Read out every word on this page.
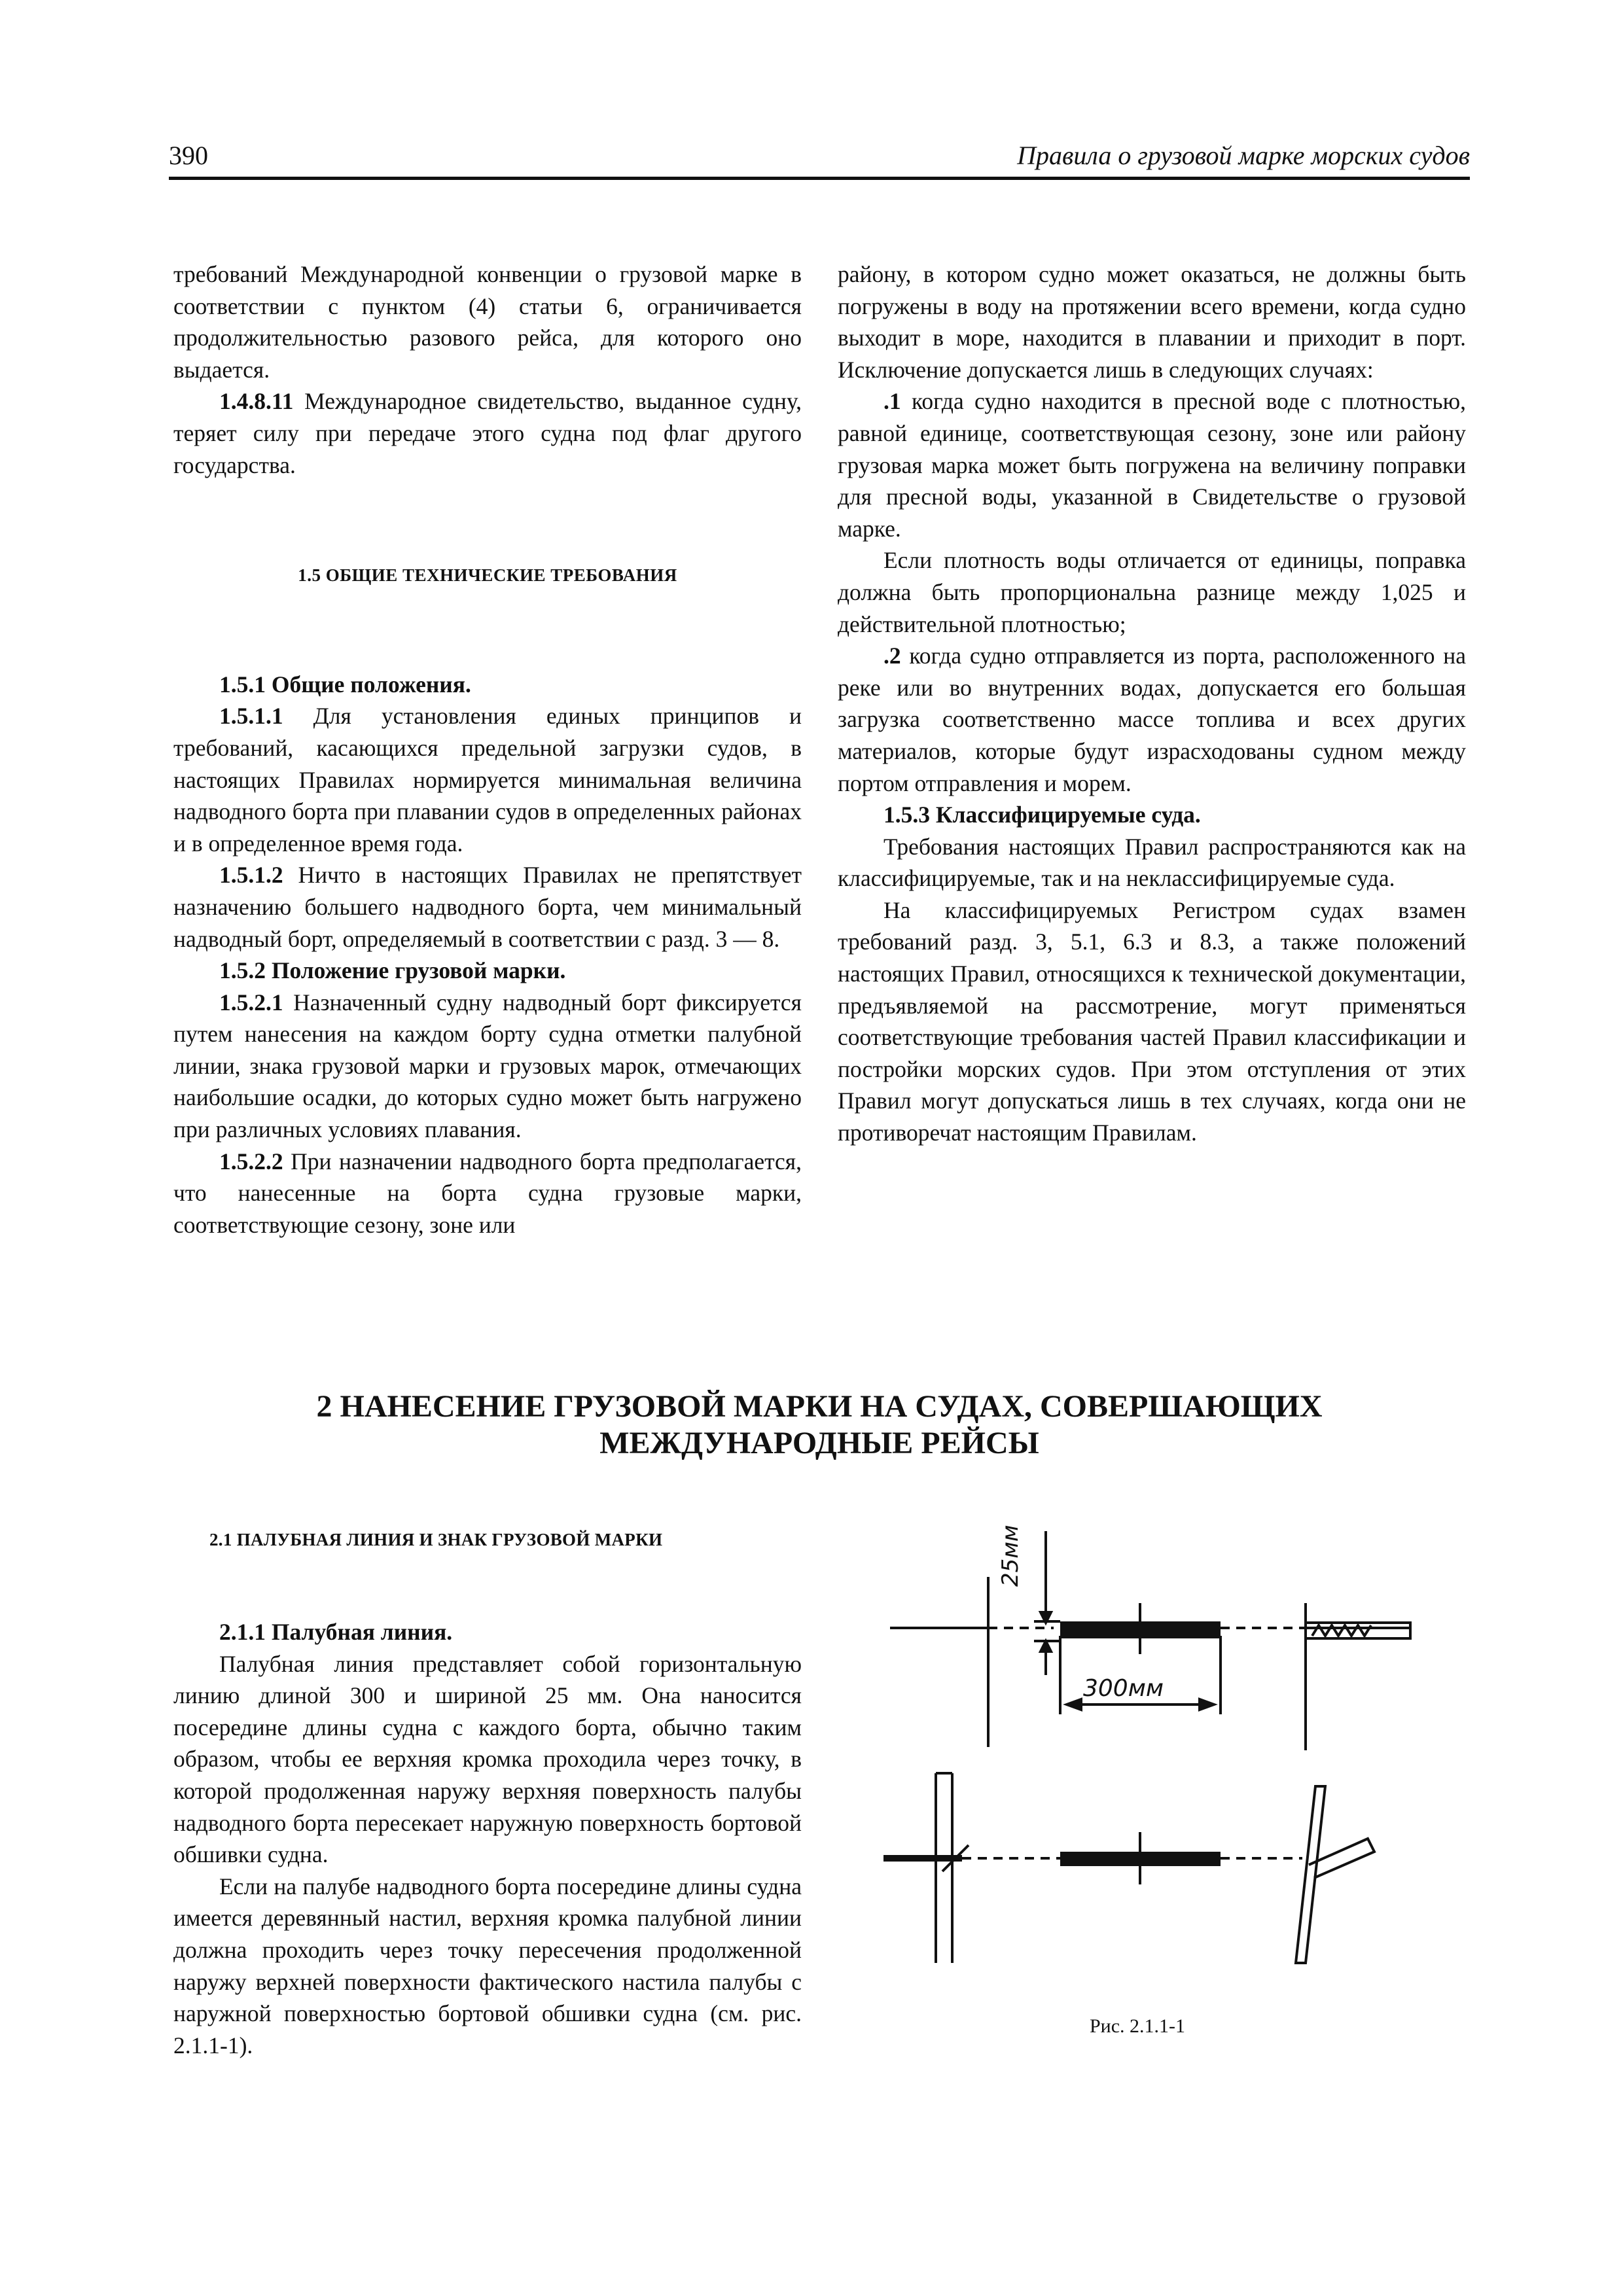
390	Правила о грузовой марке морских судов

требований Международной конвенции о грузовой марке в соответствии с пунктом (4) статьи 6, ограничивается продолжительностью разового рейса, для которого оно выдается.

1.4.8.11 Международное свидетельство, выданное судну, теряет силу при передаче этого судна под флаг другого государства.

1.5 ОБЩИЕ ТЕХНИЧЕСКИЕ ТРЕБОВАНИЯ

1.5.1 Общие положения.

1.5.1.1 Для установления единых принципов и требований, касающихся предельной загрузки судов, в настоящих Правилах нормируется минимальная величина надводного борта при плавании судов в определенных районах и в определенное время года.

1.5.1.2 Ничто в настоящих Правилах не препятствует назначению большего надводного борта, чем минимальный надводный борт, определяемый в соответствии с разд. 3 — 8.

1.5.2 Положение грузовой марки.

1.5.2.1 Назначенный судну надводный борт фиксируется путем нанесения на каждом борту судна отметки палубной линии, знака грузовой марки и грузовых марок, отмечающих наибольшие осадки, до которых судно может быть нагружено при различных условиях плавания.

1.5.2.2 При назначении надводного борта предполагается, что нанесенные на борта судна грузовые марки, соответствующие сезону, зоне или

району, в котором судно может оказаться, не должны быть погружены в воду на протяжении всего времени, когда судно выходит в море, находится в плавании и приходит в порт. Исключение допускается лишь в следующих случаях:

.1 когда судно находится в пресной воде с плотностью, равной единице, соответствующая сезону, зоне или району грузовая марка может быть погружена на величину поправки для пресной воды, указанной в Свидетельстве о грузовой марке.

Если плотность воды отличается от единицы, поправка должна быть пропорциональна разнице между 1,025 и действительной плотностью;

.2 когда судно отправляется из порта, расположенного на реке или во внутренних водах, допускается его большая загрузка соответственно массе топлива и всех других материалов, которые будут израсходованы судном между портом отправления и морем.

1.5.3 Классифицируемые суда.

Требования настоящих Правил распространяются как на классифицируемые, так и на неклассифицируемые суда.

На классифицируемых Регистром судах взамен требований разд. 3, 5.1, 6.3 и 8.3, а также положений настоящих Правил, относящихся к технической документации, предъявляемой на рассмотрение, могут применяться соответствующие требования частей Правил классификации и постройки морских судов. При этом отступления от этих Правил могут допускаться лишь в тех случаях, когда они не противоречат настоящим Правилам.

2 НАНЕСЕНИЕ ГРУЗОВОЙ МАРКИ НА СУДАХ, СОВЕРШАЮЩИХ
МЕЖДУНАРОДНЫЕ РЕЙСЫ
2.1 ПАЛУБНАЯ ЛИНИЯ И ЗНАК ГРУЗОВОЙ МАРКИ

2.1.1 Палубная линия.

Палубная линия представляет собой горизонтальную линию длиной 300 и шириной 25 мм. Она наносится посередине длины судна с каждого борта, обычно таким образом, чтобы ее верхняя кромка проходила через точку, в которой продолженная наружу верхняя поверхность палубы надводного борта пересекает наружную поверхность бортовой обшивки судна.

Если на палубе надводного борта посередине длины судна имеется деревянный настил, верхняя кромка палубной линии должна проходить через точку пересечения продолженной наружу верхней поверхности фактического настила палубы с наружной поверхностью бортовой обшивки судна (см. рис. 2.1.1-1).

25мм
300мм
Рис. 2.1.1-1
